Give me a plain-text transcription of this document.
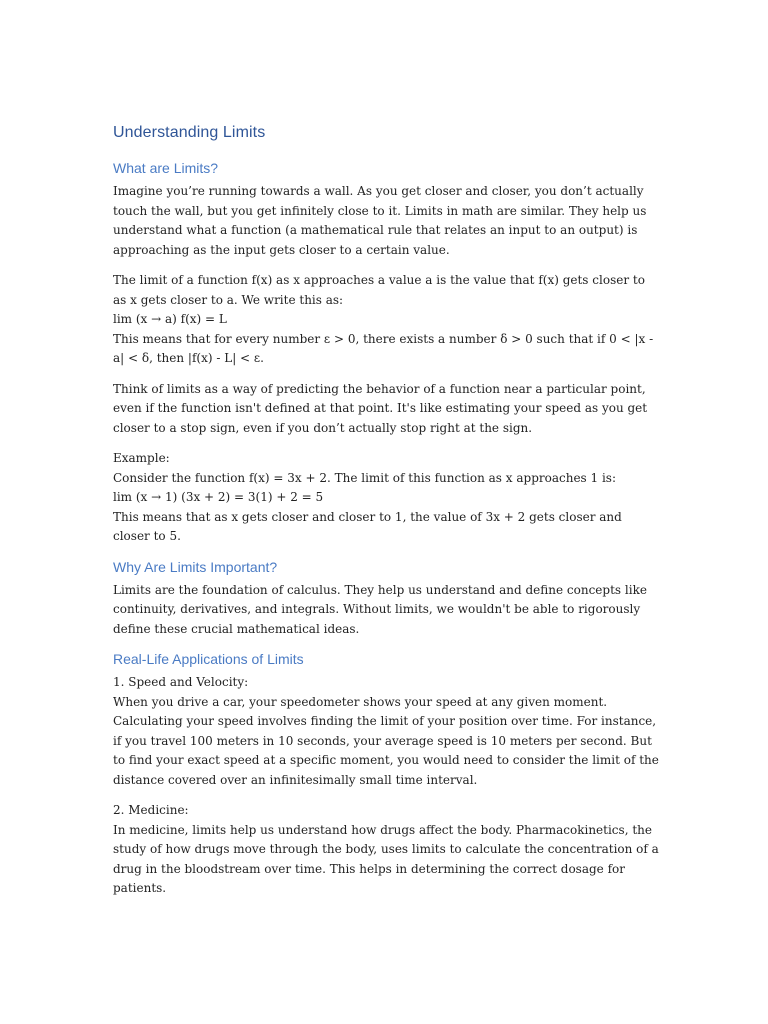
Understanding Limits
What are Limits?

Imagine you’re running towards a wall. As you get closer and closer, you don’t actually touch the wall, but you get infinitely close to it. Limits in math are similar. They help us understand what a function (a mathematical rule that relates an input to an output) is approaching as the input gets closer to a certain value.

The limit of a function f(x) as x approaches a value a is the value that f(x) gets closer to as x gets closer to a. We write this as:
lim (x → a) f(x) = L
This means that for every number ε > 0, there exists a number δ > 0 such that if 0 < |x - a| < δ, then |f(x) - L| < ε.

Think of limits as a way of predicting the behavior of a function near a particular point, even if the function isn't defined at that point. It's like estimating your speed as you get closer to a stop sign, even if you don’t actually stop right at the sign.

Example:
Consider the function f(x) = 3x + 2. The limit of this function as x approaches 1 is:
lim (x → 1) (3x + 2) = 3(1) + 2 = 5
This means that as x gets closer and closer to 1, the value of 3x + 2 gets closer and closer to 5.

Why Are Limits Important?

Limits are the foundation of calculus. They help us understand and define concepts like continuity, derivatives, and integrals. Without limits, we wouldn't be able to rigorously define these crucial mathematical ideas.

Real-Life Applications of Limits

1. Speed and Velocity:
When you drive a car, your speedometer shows your speed at any given moment. Calculating your speed involves finding the limit of your position over time. For instance, if you travel 100 meters in 10 seconds, your average speed is 10 meters per second. But to find your exact speed at a specific moment, you would need to consider the limit of the distance covered over an infinitesimally small time interval.

2. Medicine:
In medicine, limits help us understand how drugs affect the body. Pharmacokinetics, the study of how drugs move through the body, uses limits to calculate the concentration of a drug in the bloodstream over time. This helps in determining the correct dosage for patients.
